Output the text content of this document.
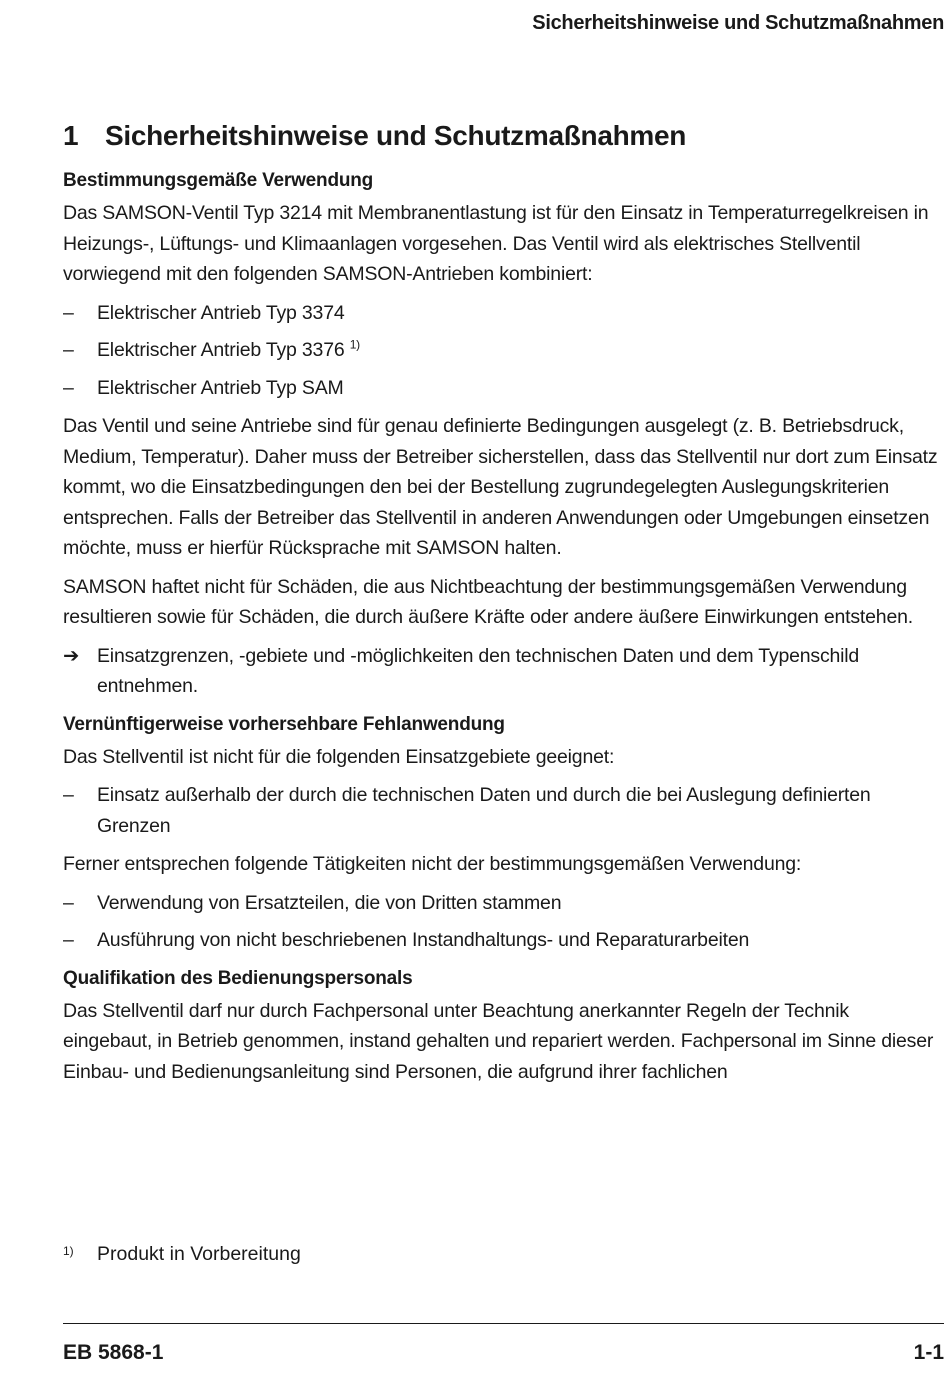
Sicherheitshinweise und Schutzmaßnahmen
1 Sicherheitshinweise und Schutzmaßnahmen
Bestimmungsgemäße Verwendung

Das SAMSON-Ventil Typ 3214 mit Membranentlastung ist für den Einsatz in Temperaturregelkreisen in Heizungs-, Lüftungs- und Klimaanlagen vorgesehen. Das Ventil wird als elektrisches Stellventil vorwiegend mit den folgenden SAMSON-Antrieben kombiniert:

–	Elektrischer Antrieb Typ 3374
–	Elektrischer Antrieb Typ 3376 $^{1)}$
–	Elektrischer Antrieb Typ SAM

Das Ventil und seine Antriebe sind für genau definierte Bedingungen ausgelegt (z. B. Betriebsdruck, Medium, Temperatur). Daher muss der Betreiber sicherstellen, dass das Stellventil nur dort zum Einsatz kommt, wo die Einsatzbedingungen den bei der Bestellung zugrundegelegten Auslegungskriterien entsprechen. Falls der Betreiber das Stellventil in anderen Anwendungen oder Umgebungen einsetzen möchte, muss er hierfür Rücksprache mit SAMSON halten.

SAMSON haftet nicht für Schäden, die aus Nichtbeachtung der bestimmungsgemäßen Verwendung resultieren sowie für Schäden, die durch äußere Kräfte oder andere äußere Einwirkungen entstehen.

➔ Einsatzgrenzen, -gebiete und -möglichkeiten den technischen Daten und dem Typenschild entnehmen.
Vernünftigerweise vorhersehbare Fehlanwendung

Das Stellventil ist nicht für die folgenden Einsatzgebiete geeignet:

–	Einsatz außerhalb der durch die technischen Daten und durch die bei Auslegung definierten Grenzen

Ferner entsprechen folgende Tätigkeiten nicht der bestimmungsgemäßen Verwendung:

–	Verwendung von Ersatzteilen, die von Dritten stammen
–	Ausführung von nicht beschriebenen Instandhaltungs- und Reparaturarbeiten
Qualifikation des Bedienungspersonals

Das Stellventil darf nur durch Fachpersonal unter Beachtung anerkannter Regeln der Technik eingebaut, in Betrieb genommen, instand gehalten und repariert werden. Fachpersonal im Sinne dieser Einbau- und Bedienungsanleitung sind Personen, die aufgrund ihrer fachlichen

1)	Produkt in Vorbereitung
EB 5868-1	1-1
